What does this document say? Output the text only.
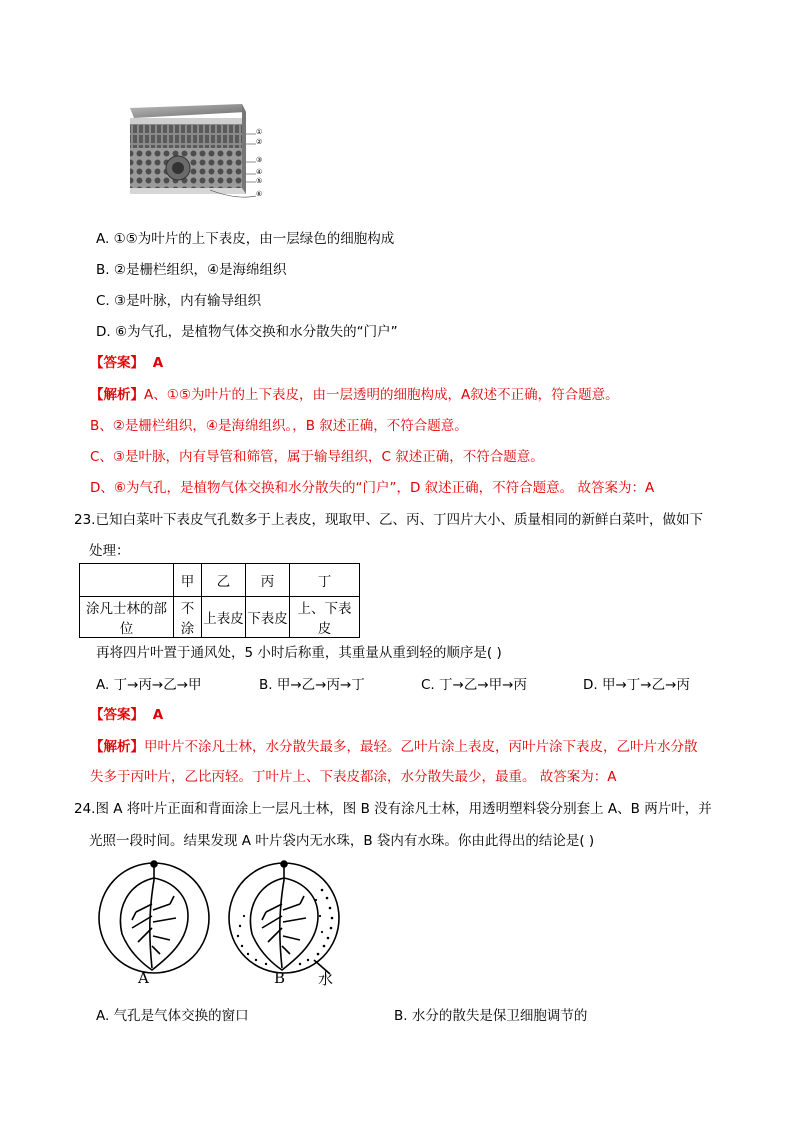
①
②
③
④
⑤
⑥
A. ①⑤为叶片的上下表皮，由一层绿色的细胞构成
B. ②是栅栏组织，④是海绵组织
C. ③是叶脉，内有输导组织
D. ⑥为气孔，是植物气体交换和水分散失的“门户”
【答案】 A
【解析】A、①⑤为叶片的上下表皮，由一层透明的细胞构成，A叙述不正确，符合题意。
B、②是栅栏组织，④是海绵组织。，B 叙述正确，不符合题意。
C、③是叶脉，内有导管和筛管，属于输导组织，C 叙述正确，不符合题意。
D、⑥为气孔，是植物气体交换和水分散失的“门户”，D 叙述正确，不符合题意。 故答案为：A
23.已知白菜叶下表皮气孔数多于上表皮，现取甲、乙、丙、丁四片大小、质量相同的新鲜白菜叶，做如下
处理：
	甲	乙	丙	丁
涂凡士林的部位	不涂	上表皮	下表皮	上、下表皮
再将四片叶置于通风处，5 小时后称重，其重量从重到轻的顺序是( )
A. 丁→丙→乙→甲	B. 甲→乙→丙→丁	C. 丁→乙→甲→丙	D. 甲→丁→乙→丙
【答案】 A
【解析】甲叶片不涂凡士林，水分散失最多，最轻。乙叶片涂上表皮，丙叶片涂下表皮，乙叶片水分散
失多于丙叶片，乙比丙轻。丁叶片上、下表皮都涂，水分散失最少，最重。 故答案为：A
24.图 A 将叶片正面和背面涂上一层凡士林，图 B 没有涂凡士林，用透明塑料袋分别套上 A、B 两片叶，并
光照一段时间。结果发现 A 叶片袋内无水珠，B 袋内有水珠。你由此得出的结论是( )
A	B 水
A. 气孔是气体交换的窗口	B. 水分的散失是保卫细胞调节的
